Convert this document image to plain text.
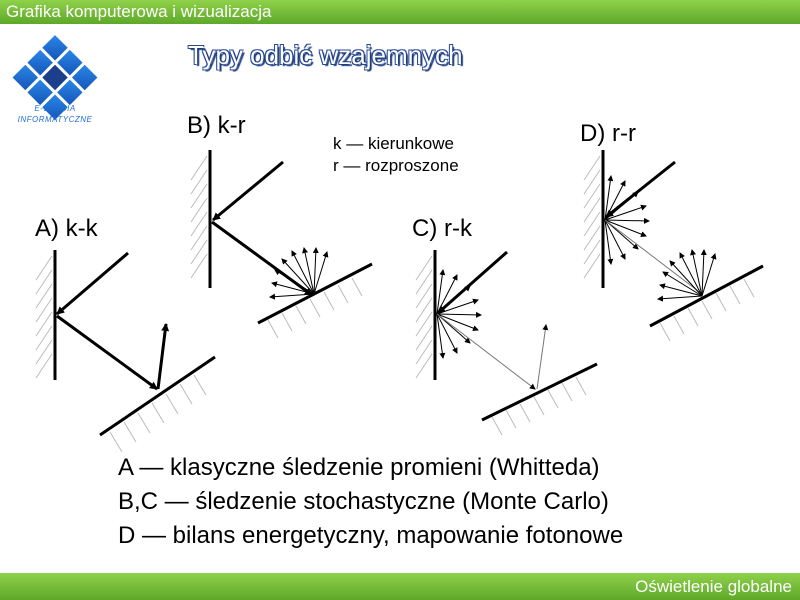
Grafika komputerowa i wizualizacja
E-STUDIA
INFORMATYCZNE
Typy odbić wzajemnych
B) k-r
A) k-k	C) r-k
D) r-r
k — kierunkowe
r — rozproszone
A — klasyczne śledzenie promieni (Whitteda)
B,C — śledzenie stochastyczne (Monte Carlo)
D — bilans energetyczny, mapowanie fotonowe
Oświetlenie globalne
